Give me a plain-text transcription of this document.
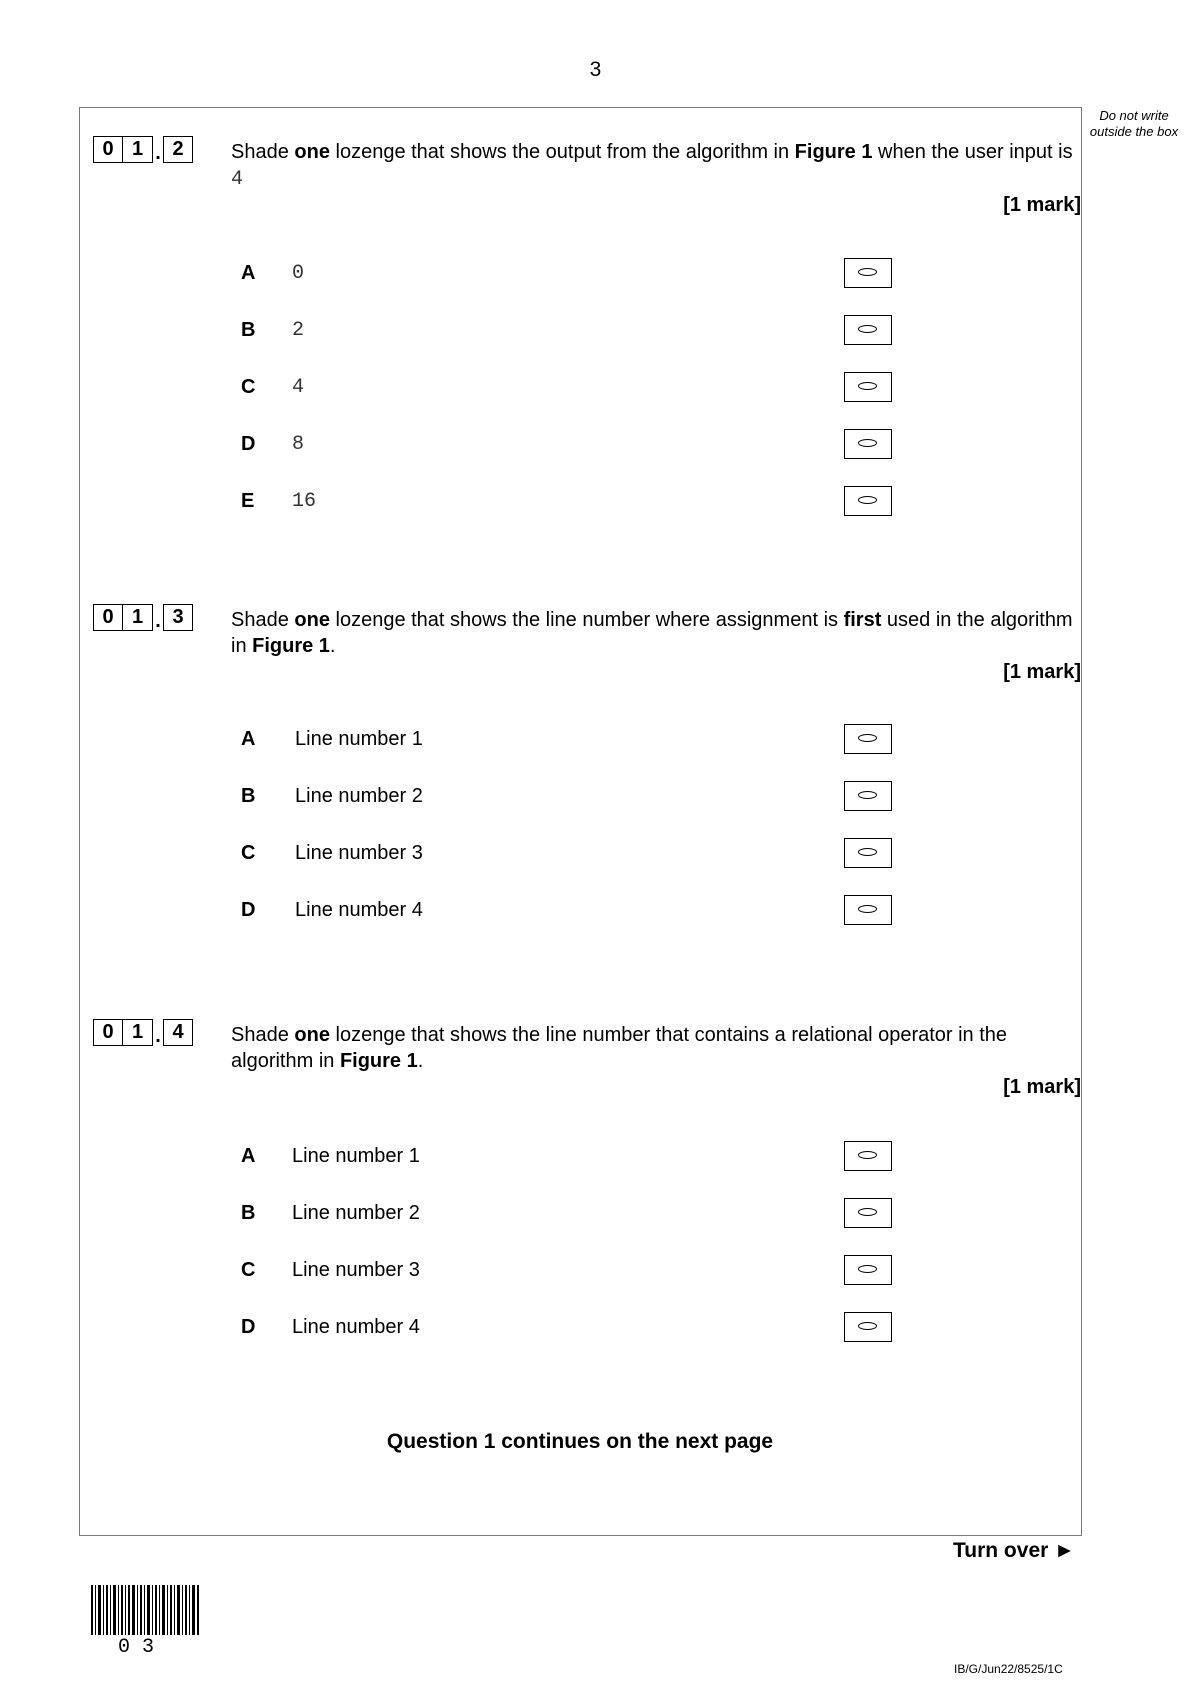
3
Do not write outside the box
0 1 . 2	Shade one lozenge that shows the output from the algorithm in Figure 1 when the user input is 4
[1 mark]
A 0
B 2
C 4
D 8
E 16
0 1 . 3	Shade one lozenge that shows the line number where assignment is first used in the algorithm in Figure 1.
[1 mark]
A Line number 1
B Line number 2
C Line number 3
D Line number 4
0 1 . 4	Shade one lozenge that shows the line number that contains a relational operator in the algorithm in Figure 1.
[1 mark]
A Line number 1
B Line number 2
C Line number 3
D Line number 4
Question 1 continues on the next page
Turn over ►
03
IB/G/Jun22/8525/1C
